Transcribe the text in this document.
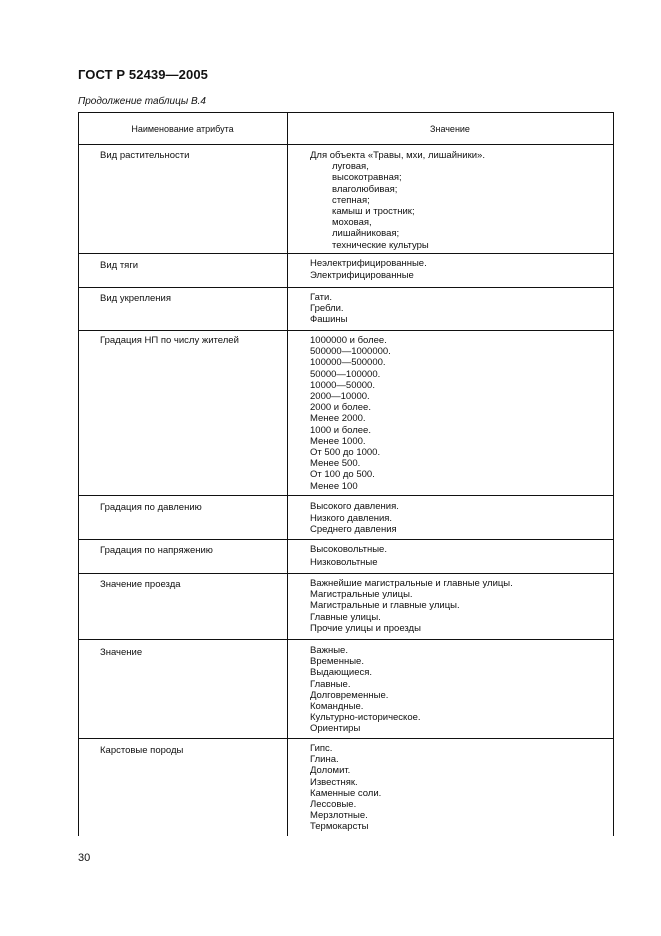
ГОСТ Р 52439—2005
Продолжение таблицы В.4
Наименование атрибута	Значение
Вид растительности	Для объекта «Травы, мхи, лишайники».
луговая,
высокотравная;
влаголюбивая;
степная;
камыш и тростник;
моховая,
лишайниковая;
технические культуры
Вид тяги	Неэлектрифицированные.
Электрифицированные
Вид укрепления	Гати.
Гребли.
Фашины
Градация НП по числу жителей	1000000 и более.
500000—1000000.
100000—500000.
50000—100000.
10000—50000.
2000—10000.
2000 и более.
Менее 2000.
1000 и более.
Менее 1000.
От 500 до 1000.
Менее 500.
От 100 до 500.
Менее 100
Градация по давлению	Высокого давления.
Низкого давления.
Среднего давления
Градация по напряжению	Высоковольтные.
Низковольтные
Значение проезда	Важнейшие магистральные и главные улицы.
Магистральные улицы.
Магистральные и главные улицы.
Главные улицы.
Прочие улицы и проезды
Значение	Важные.
Временные.
Выдающиеся.
Главные.
Долговременные.
Командные.
Культурно-историческое.
Ориентиры
Карстовые породы	Гипс.
Глина.
Доломит.
Известняк.
Каменные соли.
Лессовые.
Мерзлотные.
Термокарсты
30
